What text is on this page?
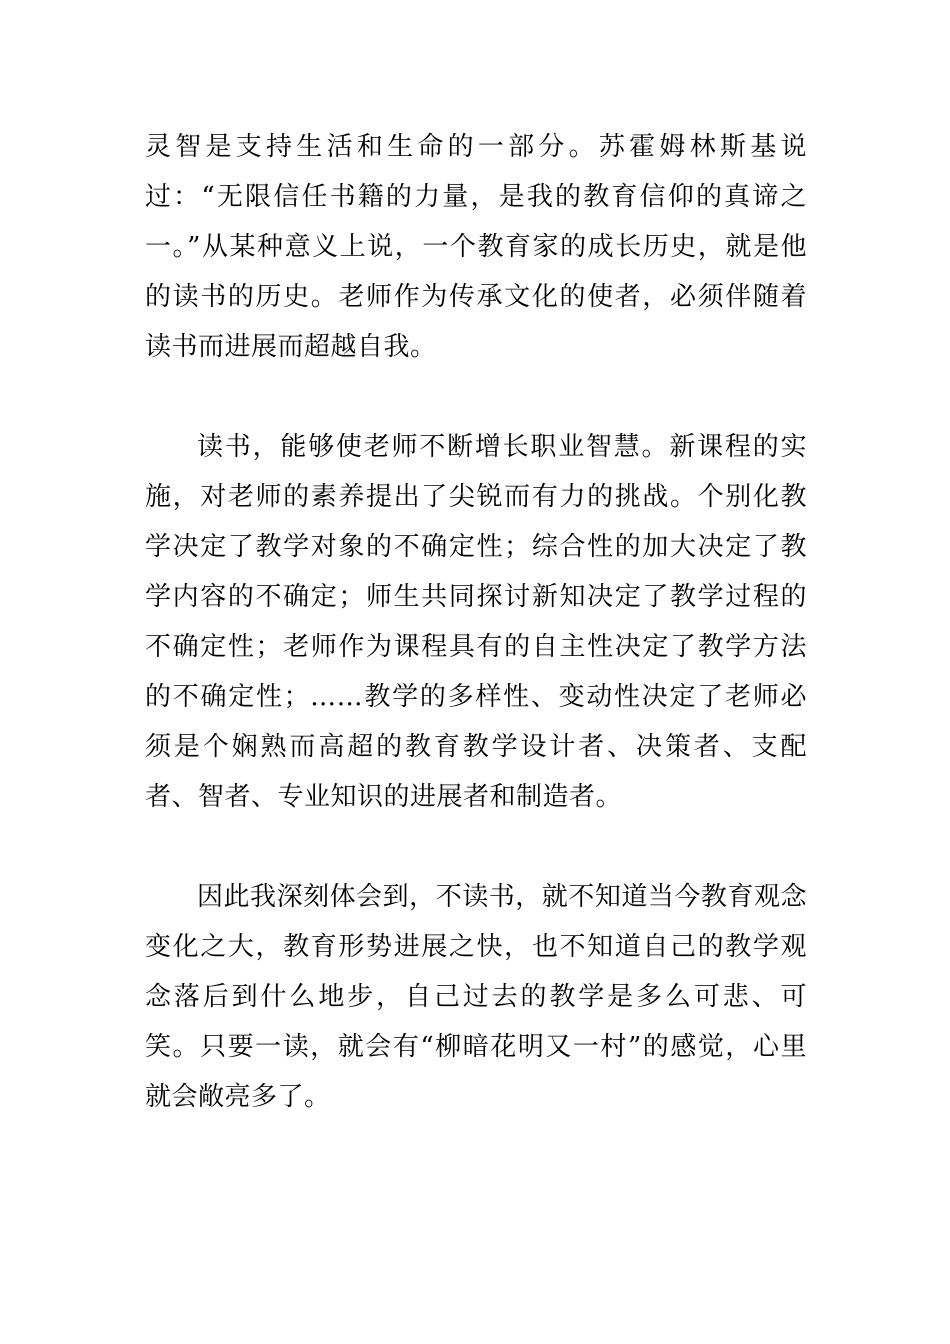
灵智是支持生活和生命的一部分。苏霍姆林斯基说过：“无限信任书籍的力量，是我的教育信仰的真谛之一。”从某种意义上说，一个教育家的成长历史，就是他的读书的历史。老师作为传承文化的使者，必须伴随着读书而进展而超越自我。

读书，能够使老师不断增长职业智慧。新课程的实施，对老师的素养提出了尖锐而有力的挑战。个别化教学决定了教学对象的不确定性；综合性的加大决定了教学内容的不确定；师生共同探讨新知决定了教学过程的不确定性；老师作为课程具有的自主性决定了教学方法的不确定性；……教学的多样性、变动性决定了老师必须是个娴熟而高超的教育教学设计者、决策者、支配者、智者、专业知识的进展者和制造者。

因此我深刻体会到，不读书，就不知道当今教育观念变化之大，教育形势进展之快，也不知道自己的教学观念落后到什么地步，自己过去的教学是多么可悲、可笑。只要一读，就会有“柳暗花明又一村”的感觉，心里就会敞亮多了。
